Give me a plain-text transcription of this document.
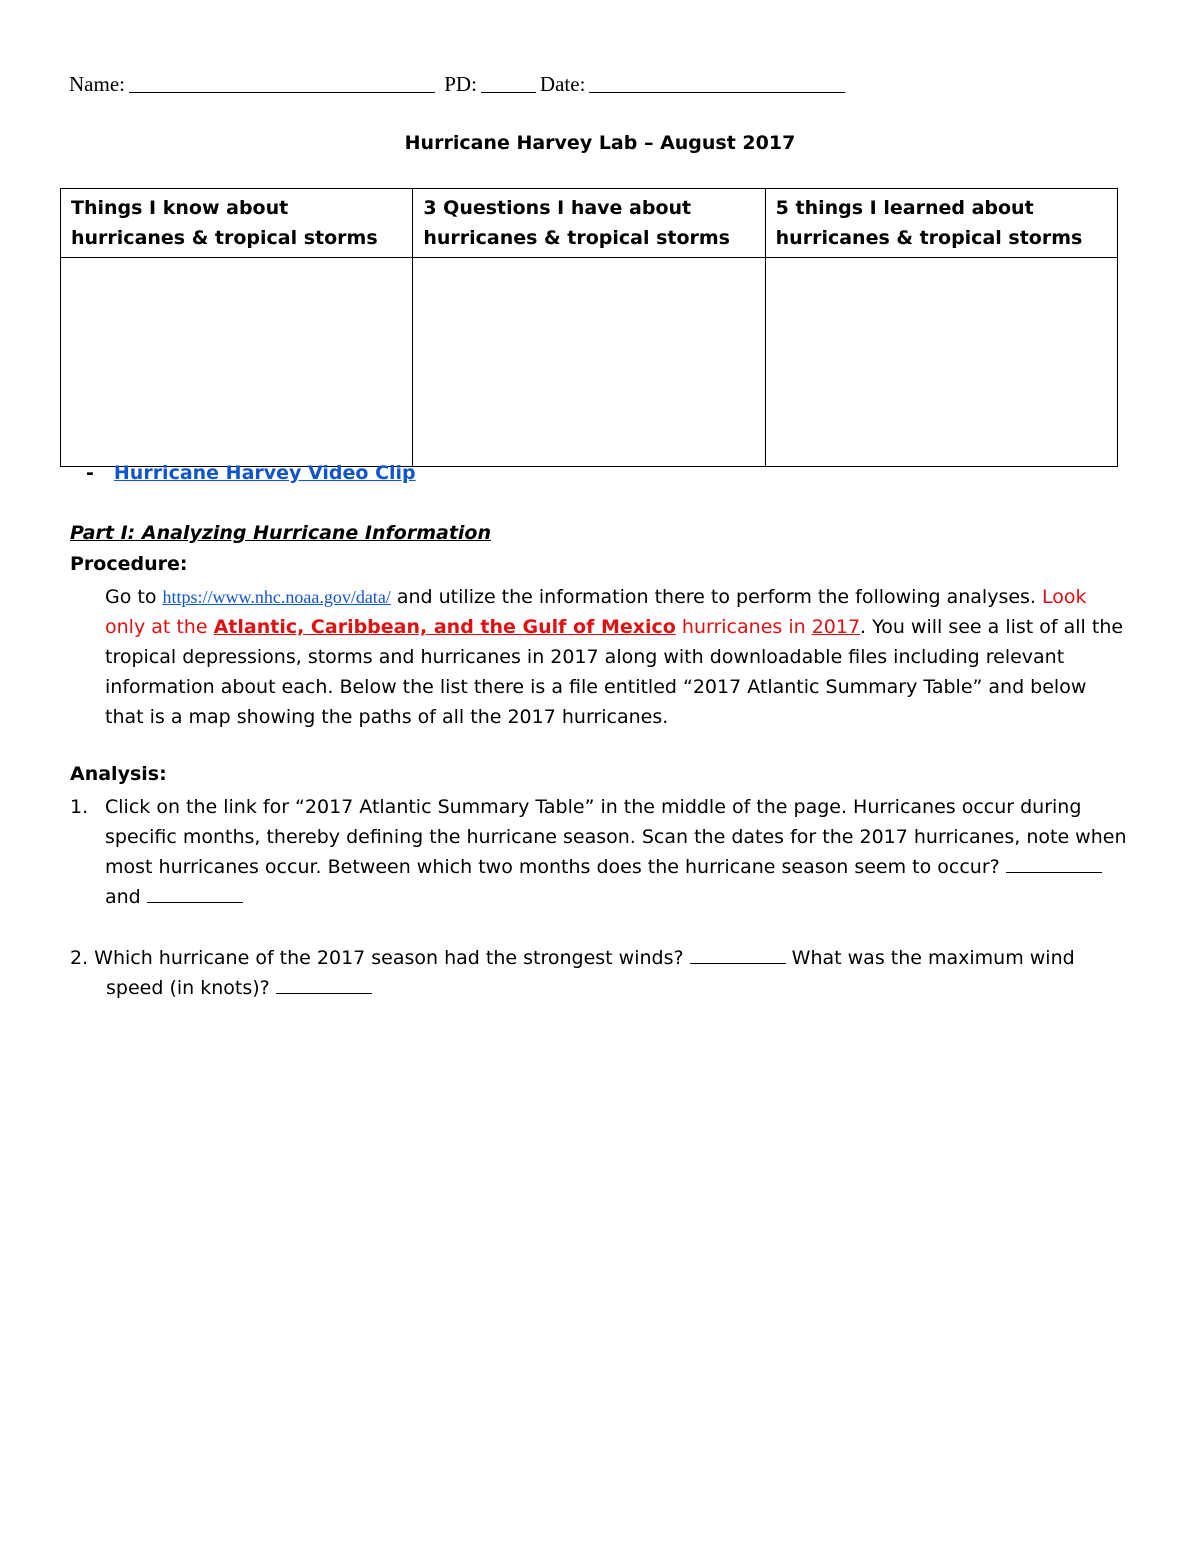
Name:	PD:	Date:
Hurricane Harvey Lab – August 2017
Things I know about hurricanes & tropical storms	3 Questions I have about hurricanes & tropical storms	5 things I learned about hurricanes & tropical storms

- Hurricane Harvey Video Clip
Part I: Analyzing Hurricane Information
Procedure:
Go to https://www.nhc.noaa.gov/data/ and utilize the information there to perform the following analyses. Look only at the Atlantic, Caribbean, and the Gulf of Mexico hurricanes in 2017. You will see a list of all the tropical depressions, storms and hurricanes in 2017 along with downloadable files including relevant information about each. Below the list there is a file entitled “2017 Atlantic Summary Table” and below that is a map showing the paths of all the 2017 hurricanes.
Analysis:
1. Click on the link for “2017 Atlantic Summary Table” in the middle of the page. Hurricanes occur during specific months, thereby defining the hurricane season. Scan the dates for the 2017 hurricanes, note when most hurricanes occur. Between which two months does the hurricane season seem to occur?  and
2. Which hurricane of the 2017 season had the strongest winds?	What was the maximum wind
speed (in knots)?
